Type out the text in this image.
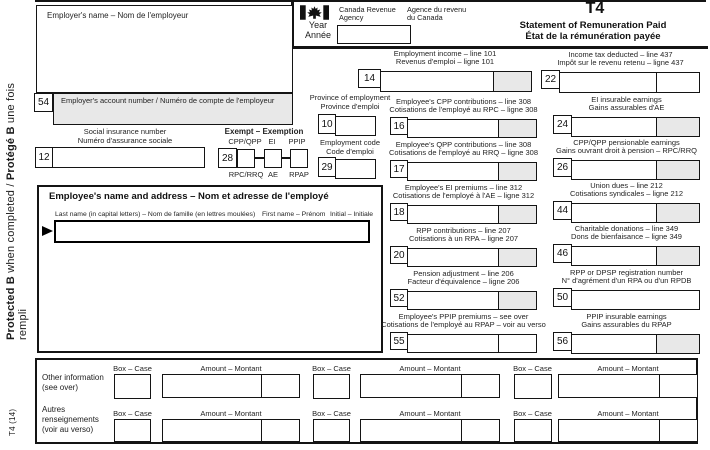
Protected B when completed / Protégé B une fois rempli
T4 (14)
Employer's name – Nom de l'employeur
54	Employer's account number / Numéro de compte de l'employeur
Social insurance number
Numéro d'assurance sociale
12
Exempt – Exemption
CPP/QPP EI	PPIP
28
RPC/RRQ AE	RPAP
Province of employment
Province d'emploi
10
Employment code
Code d'emploi
29
Canada Revenue
Agency
Agence du revenu
du Canada
Year
Année
T4
Statement of Remuneration Paid
État de la rémunération payée
Employee's name and address – Nom et adresse de l'employé
Last name (in capital letters) – Nom de famille (en lettres moulées) First name – Prénom Initial – Initiale
Employment income – line 101
Revenus d'emploi – ligne 101
14
Employee's CPP contributions – line 308
Cotisations de l'employé au RPC – ligne 308
16
Employee's QPP contributions – line 308
Cotisations de l'employé au RRQ – ligne 308
17
Employee's EI premiums – line 312
Cotisations de l'employé à l'AE – ligne 312
18
RPP contributions – line 207
Cotisations à un RPA – ligne 207
20
Pension adjustment – line 206
Facteur d'équivalence – ligne 206
52
Employee's PPIP premiums – see over
Cotisations de l'employé au RPAP – voir au verso
55
Income tax deducted – line 437
Impôt sur le revenu retenu – ligne 437
22
EI insurable earnings
Gains assurables d'AE
24
CPP/QPP pensionable earnings
Gains ouvrant droit à pension – RPC/RRQ
26
Union dues – line 212
Cotisations syndicales – ligne 212
44
Charitable donations – line 349
Dons de bienfaisance – ligne 349
46
RPP or DPSP registration number
N° d'agrément d'un RPA ou d'un RPDB
50
PPIP insurable earnings
Gains assurables du RPAP
56
Other information
(see over)
Autres
renseignements
(voir au verso)
Box – Case	Amount – Montant	Box – Case	Amount – Montant	Box – Case	Amount – Montant
Box – Case	Amount – Montant	Box – Case	Amount – Montant	Box – Case	Amount – Montant
